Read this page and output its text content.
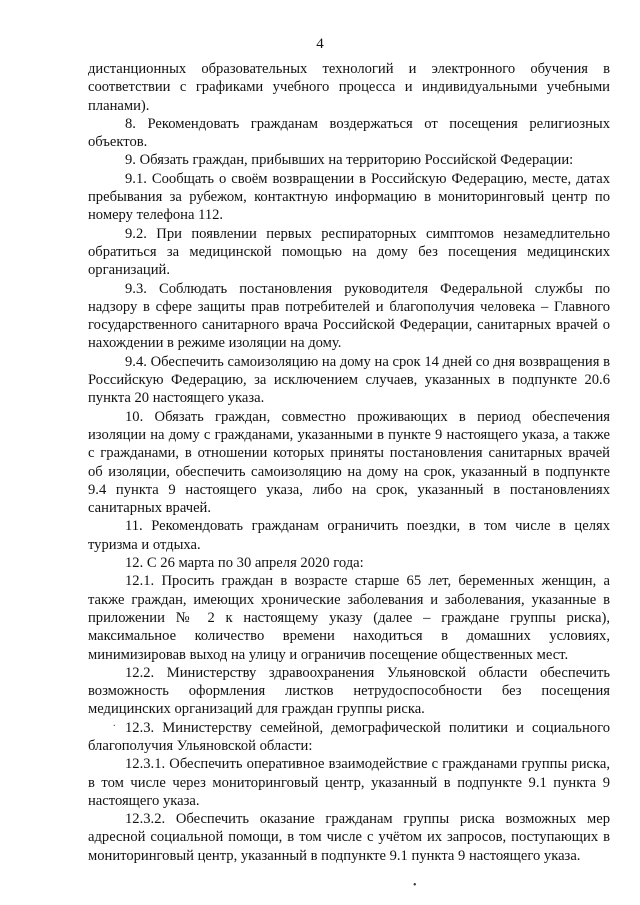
4

дистанционных образовательных технологий и электронного обучения в соответствии с графиками учебного процесса и индивидуальными учебными планами).

8. Рекомендовать гражданам воздержаться от посещения религиозных объектов.

9. Обязать граждан, прибывших на территорию Российской Федерации:

9.1. Сообщать о своём возвращении в Российскую Федерацию, месте, датах пребывания за рубежом, контактную информацию в мониторинговый центр по номеру телефона 112.

9.2. При появлении первых респираторных симптомов незамедлительно обратиться за медицинской помощью на дому без посещения медицинских организаций.

9.3. Соблюдать постановления руководителя Федеральной службы по надзору в сфере защиты прав потребителей и благополучия человека – Главного государственного санитарного врача Российской Федерации, санитарных врачей о нахождении в режиме изоляции на дому.

9.4. Обеспечить самоизоляцию на дому на срок 14 дней со дня возвращения в Российскую Федерацию, за исключением случаев, указанных в подпункте 20.6 пункта 20 настоящего указа.

10. Обязать граждан, совместно проживающих в период обеспечения изоляции на дому с гражданами, указанными в пункте 9 настоящего указа, а также с гражданами, в отношении которых приняты постановления санитарных врачей об изоляции, обеспечить самоизоляцию на дому на срок, указанный в подпункте 9.4 пункта 9 настоящего указа, либо на срок, указанный в постановлениях санитарных врачей.

11. Рекомендовать гражданам ограничить поездки, в том числе в целях туризма и отдыха.

12. С 26 марта по 30 апреля 2020 года:

12.1. Просить граждан в возрасте старше 65 лет, беременных женщин, а также граждан, имеющих хронические заболевания и заболевания, указанные в приложении № 2 к настоящему указу (далее – граждане группы риска), максимальное количество времени находиться в домашних условиях, минимизировав выход на улицу и ограничив посещение общественных мест.

12.2. Министерству здравоохранения Ульяновской области обеспечить возможность оформления листков нетрудоспособности без посещения медицинских организаций для граждан группы риска.

12.3. Министерству семейной, демографической политики и социального благополучия Ульяновской области:

12.3.1. Обеспечить оперативное взаимодействие с гражданами группы риска, в том числе через мониторинговый центр, указанный в подпункте 9.1 пункта 9 настоящего указа.

12.3.2. Обеспечить оказание гражданам группы риска возможных мер адресной социальной помощи, в том числе с учётом их запросов, поступающих в мониторинговый центр, указанный в подпункте 9.1 пункта 9 настоящего указа.

.
•
